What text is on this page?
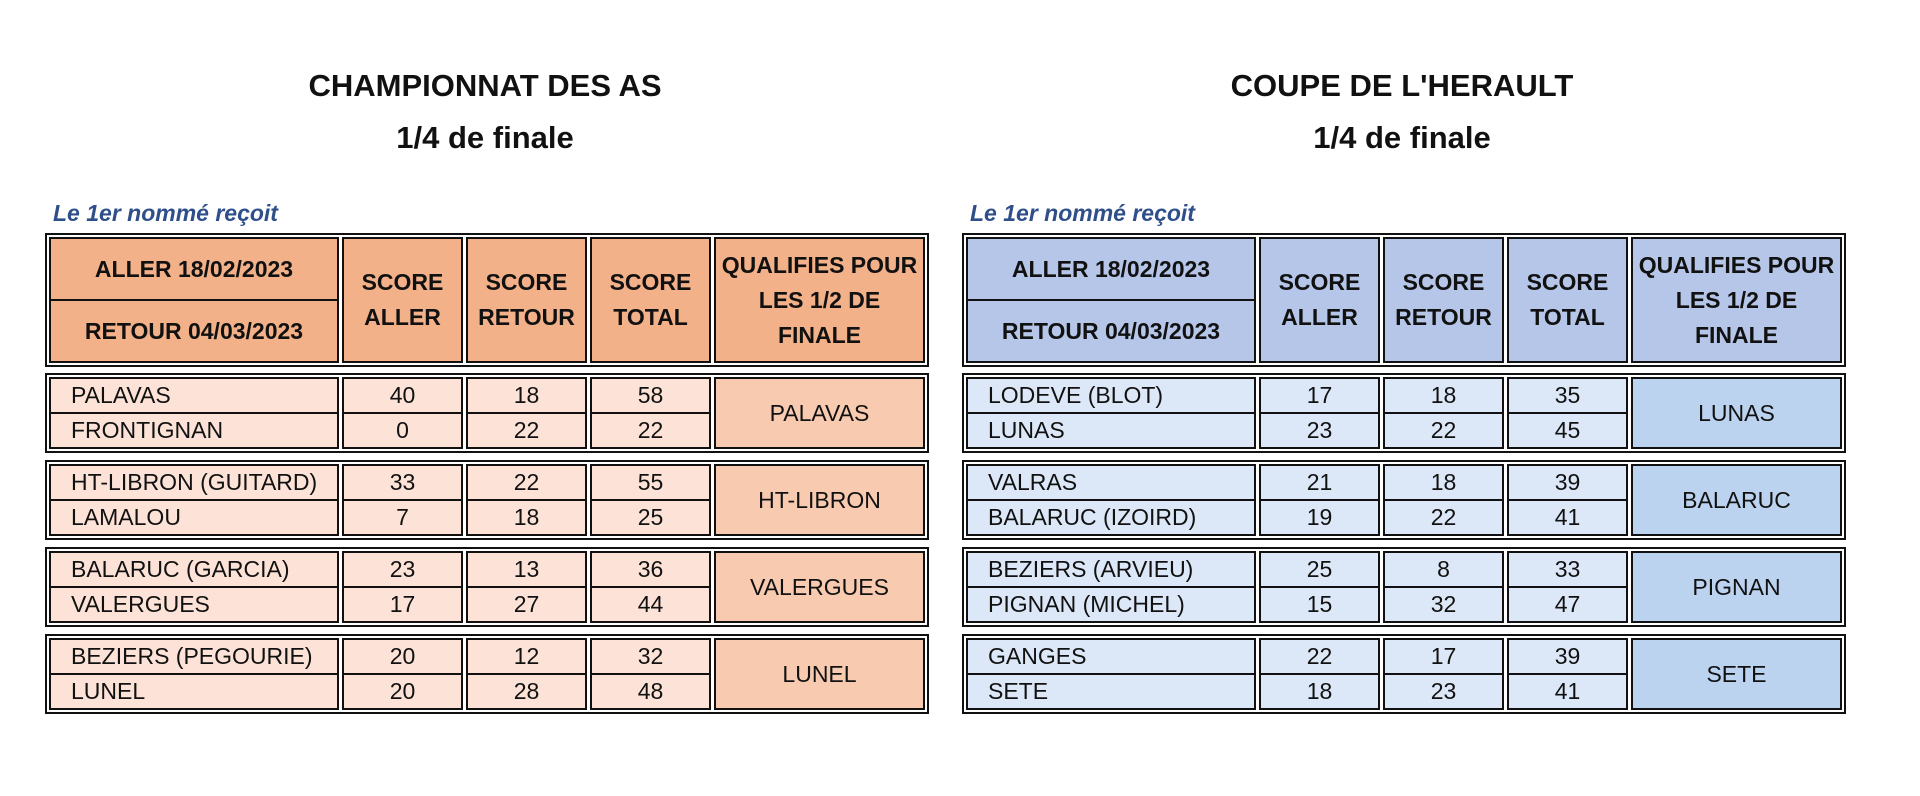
CHAMPIONNAT DES AS
1/4 de finale
Le 1er nommé reçoit
ALLER 18/02/2023
RETOUR 04/03/2023
SCORE
ALLER
SCORE
RETOUR
SCORE
TOTAL
QUALIFIES POUR
LES 1/2 DE
FINALE
PALAVAS
FRONTIGNAN
40
0
18
22
58
22
PALAVAS
HT-LIBRON (GUITARD)
LAMALOU
33
7
22
18
55
25
HT-LIBRON
BALARUC (GARCIA)
VALERGUES
23
17
13
27
36
44
VALERGUES
BEZIERS (PEGOURIE)
LUNEL
20
20
12
28
32
48
LUNEL
COUPE DE L'HERAULT
1/4 de finale
Le 1er nommé reçoit
ALLER 18/02/2023
RETOUR 04/03/2023
SCORE
ALLER
SCORE
RETOUR
SCORE
TOTAL
QUALIFIES POUR
LES 1/2 DE
FINALE
LODEVE (BLOT)
LUNAS
17
23
18
22
35
45
LUNAS
VALRAS
BALARUC (IZOIRD)
21
19
18
22
39
41
BALARUC
BEZIERS (ARVIEU)
PIGNAN (MICHEL)
25
15
8
32
33
47
PIGNAN
GANGES
SETE
22
18
17
23
39
41
SETE
